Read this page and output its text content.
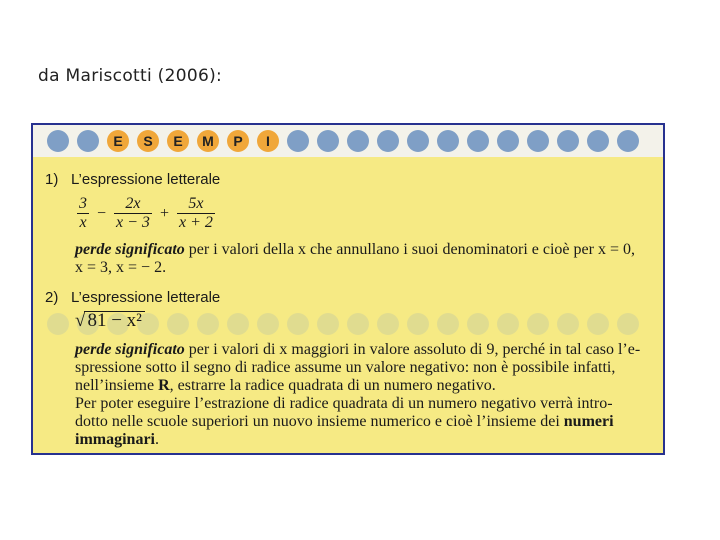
da Mariscotti (2006):
E	S	E	M	P	I
1) L’espressione letterale
$\frac{3}{x} - \frac{2x}{x - 3} + \frac{5x}{x + 2}$
perde significato per i valori della x che annullano i suoi denominatori e cioè per x = 0,
x = 3, x = − 2.
2) L’espressione letterale
√ 81 − x²
perde significato per i valori di x maggiori in valore assoluto di 9, perché in tal caso l’e-
spressione sotto il segno di radice assume un valore negativo: non è possibile infatti,
nell’insieme R, estrarre la radice quadrata di un numero negativo.
Per poter eseguire l’estrazione di radice quadrata di un numero negativo verrà intro-
dotto nelle scuole superiori un nuovo insieme numerico e cioè l’insieme dei numeri
immaginari.
